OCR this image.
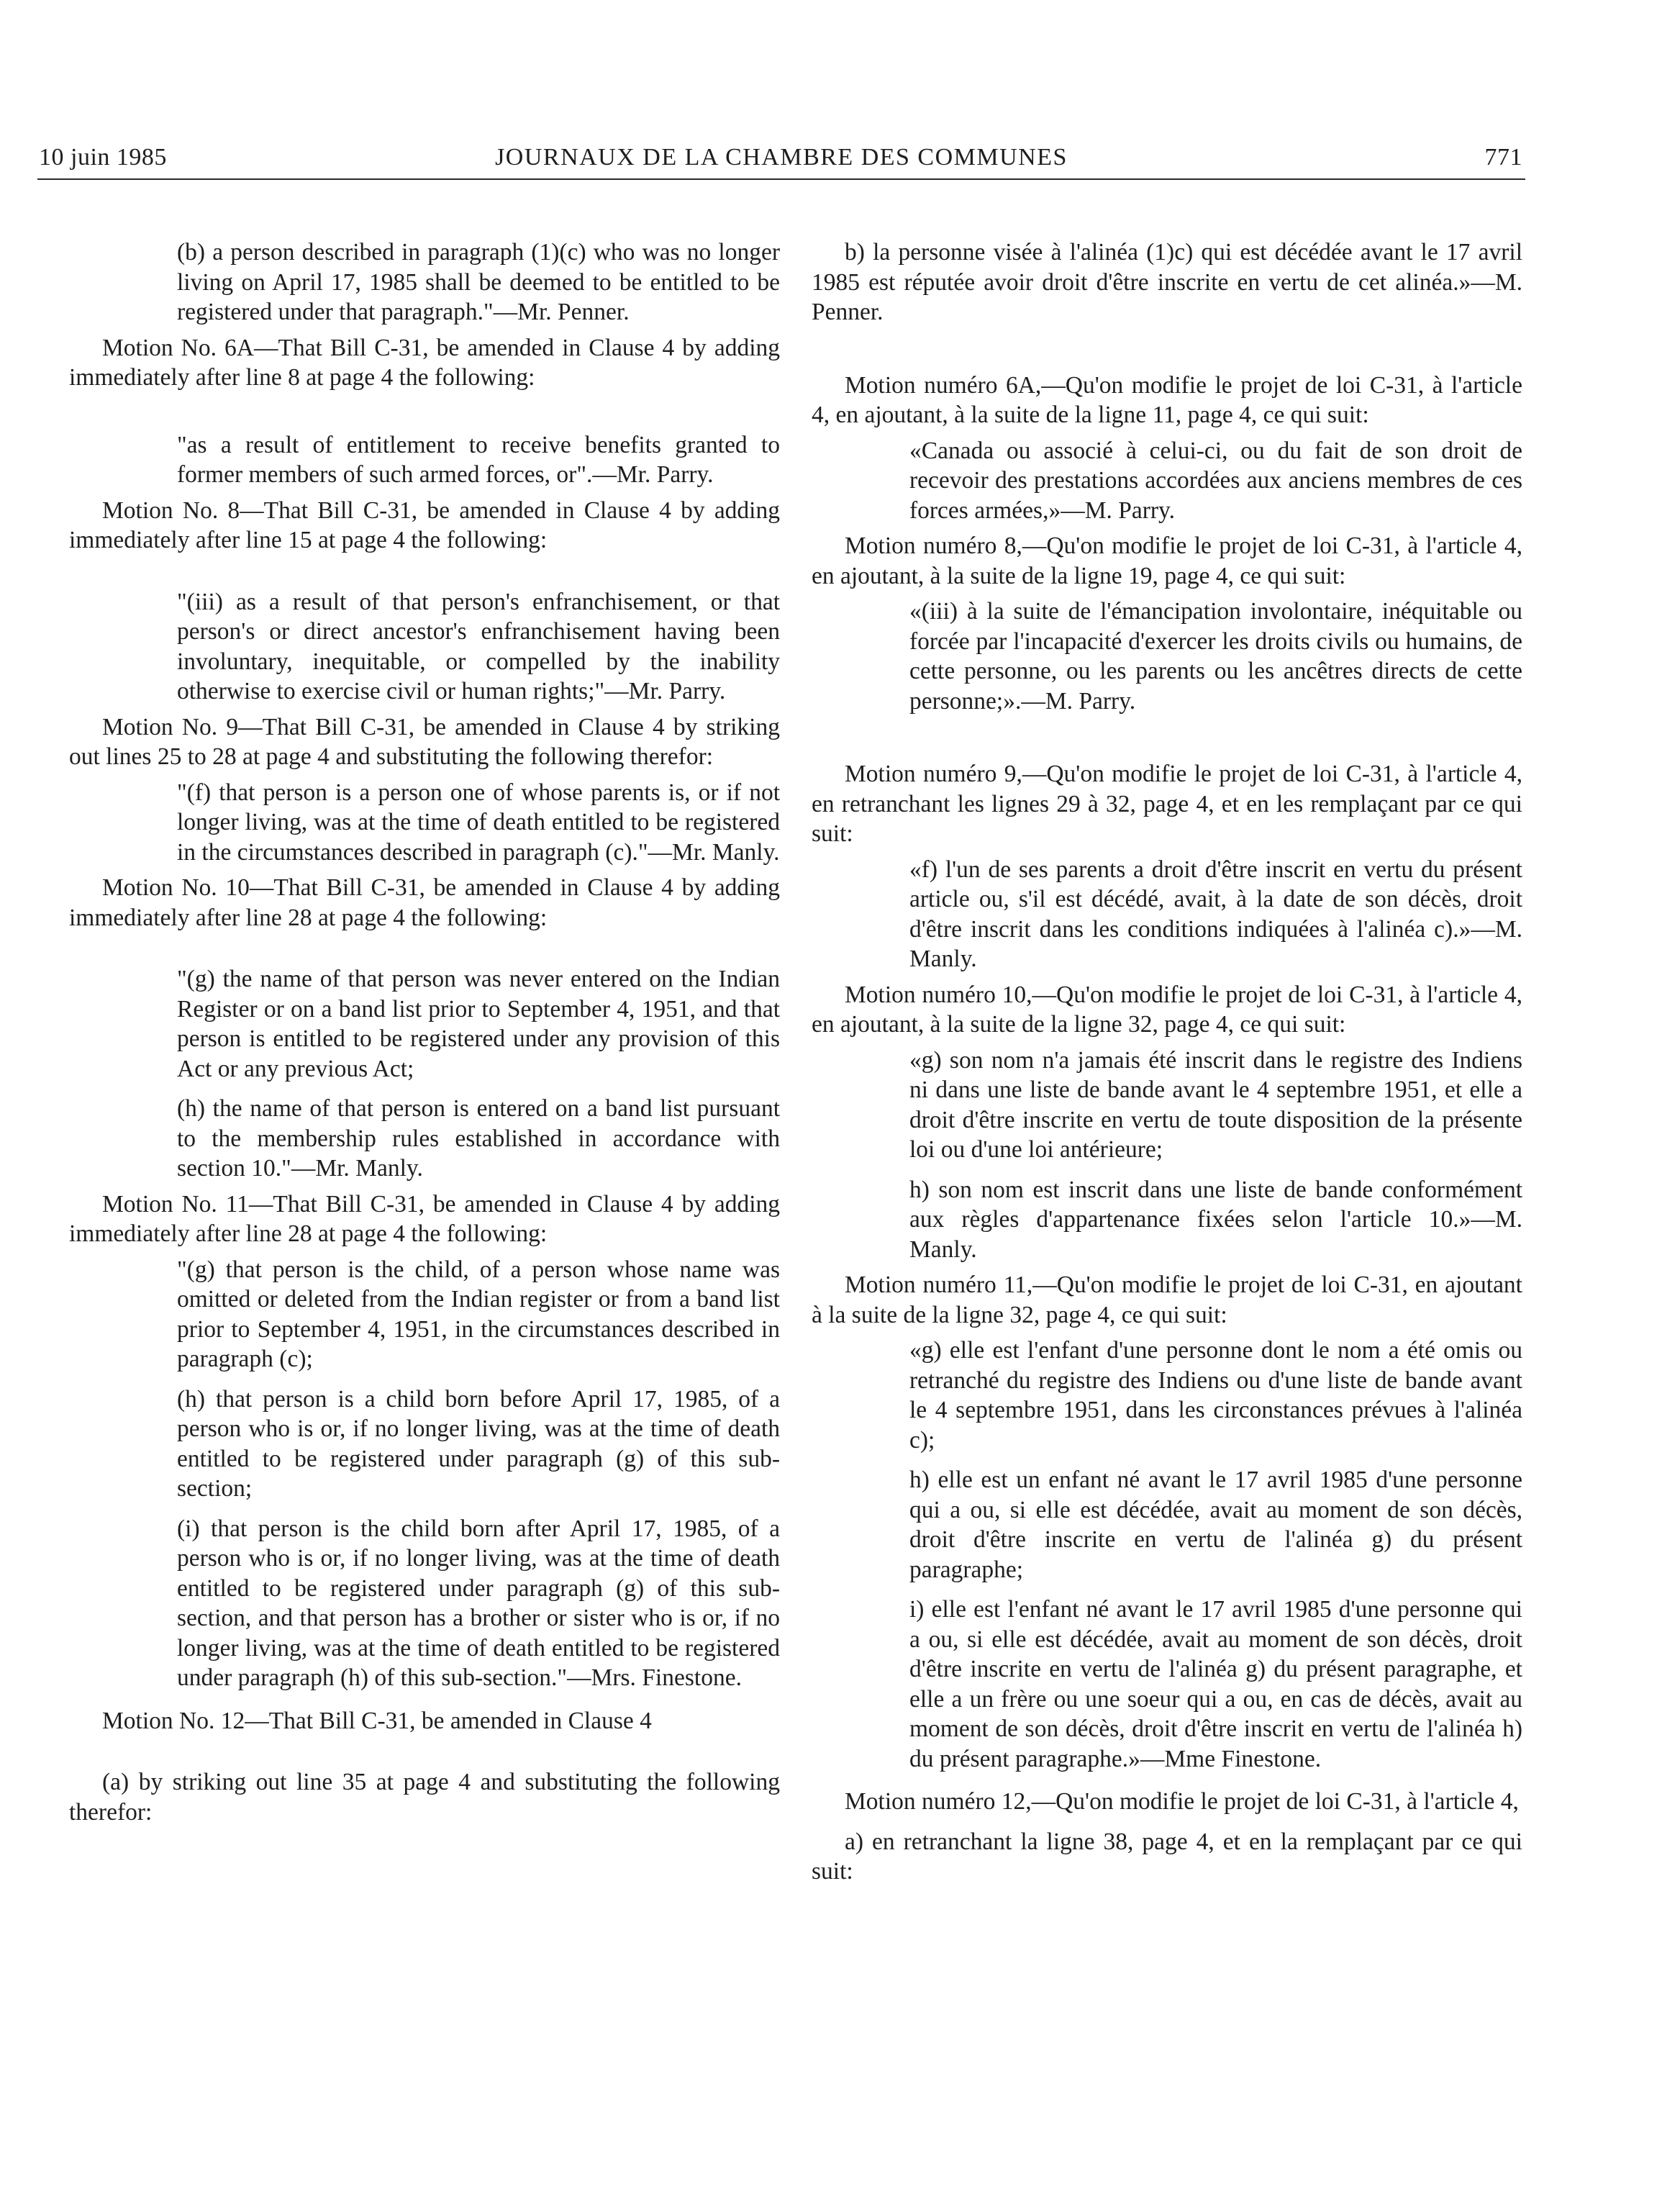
10 juin 1985	JOURNAUX DE LA CHAMBRE DES COMMUNES	771

(b) a person described in paragraph (1)(c) who was no longer living on April 17, 1985 shall be deemed to be entitled to be registered under that paragraph."—Mr. Penner.

Motion No. 6A—That Bill C-31, be amended in Clause 4 by adding immediately after line 8 at page 4 the following:

"as a result of entitlement to receive benefits granted to former members of such armed forces, or".—Mr. Parry.

Motion No. 8—That Bill C-31, be amended in Clause 4 by adding immediately after line 15 at page 4 the following:

"(iii) as a result of that person's enfranchisement, or that person's or direct ancestor's enfranchisement having been involuntary, inequitable, or compelled by the inability otherwise to exercise civil or human rights;"—Mr. Parry.

Motion No. 9—That Bill C-31, be amended in Clause 4 by striking out lines 25 to 28 at page 4 and substituting the following therefor:

"(f) that person is a person one of whose parents is, or if not longer living, was at the time of death entitled to be registered in the circumstances described in paragraph (c)."—Mr. Manly.

Motion No. 10—That Bill C-31, be amended in Clause 4 by adding immediately after line 28 at page 4 the following:

"(g) the name of that person was never entered on the Indian Register or on a band list prior to September 4, 1951, and that person is entitled to be registered under any provision of this Act or any previous Act;

(h) the name of that person is entered on a band list pursuant to the membership rules established in accordance with section 10."—Mr. Manly.

Motion No. 11—That Bill C-31, be amended in Clause 4 by adding immediately after line 28 at page 4 the following:

"(g) that person is the child, of a person whose name was omitted or deleted from the Indian register or from a band list prior to September 4, 1951, in the circumstances described in paragraph (c);

(h) that person is a child born before April 17, 1985, of a person who is or, if no longer living, was at the time of death entitled to be registered under paragraph (g) of this sub-section;

(i) that person is the child born after April 17, 1985, of a person who is or, if no longer living, was at the time of death entitled to be registered under paragraph (g) of this sub-section, and that person has a brother or sister who is or, if no longer living, was at the time of death entitled to be registered under paragraph (h) of this sub-section."—Mrs. Finestone.

Motion No. 12—That Bill C-31, be amended in Clause 4

(a) by striking out line 35 at page 4 and substituting the following therefor:

b) la personne visée à l'alinéa (1)c) qui est décédée avant le 17 avril 1985 est réputée avoir droit d'être inscrite en vertu de cet alinéa.»—M. Penner.

Motion numéro 6A,—Qu'on modifie le projet de loi C-31, à l'article 4, en ajoutant, à la suite de la ligne 11, page 4, ce qui suit:

«Canada ou associé à celui-ci, ou du fait de son droit de recevoir des prestations accordées aux anciens membres de ces forces armées,»—M. Parry.

Motion numéro 8,—Qu'on modifie le projet de loi C-31, à l'article 4, en ajoutant, à la suite de la ligne 19, page 4, ce qui suit:

«(iii) à la suite de l'émancipation involontaire, inéquitable ou forcée par l'incapacité d'exercer les droits civils ou humains, de cette personne, ou les parents ou les ancêtres directs de cette personne;».—M. Parry.

Motion numéro 9,—Qu'on modifie le projet de loi C-31, à l'article 4, en retranchant les lignes 29 à 32, page 4, et en les remplaçant par ce qui suit:

«f) l'un de ses parents a droit d'être inscrit en vertu du présent article ou, s'il est décédé, avait, à la date de son décès, droit d'être inscrit dans les conditions indiquées à l'alinéa c).»—M. Manly.

Motion numéro 10,—Qu'on modifie le projet de loi C-31, à l'article 4, en ajoutant, à la suite de la ligne 32, page 4, ce qui suit:

«g) son nom n'a jamais été inscrit dans le registre des Indiens ni dans une liste de bande avant le 4 septembre 1951, et elle a droit d'être inscrite en vertu de toute disposition de la présente loi ou d'une loi antérieure;

h) son nom est inscrit dans une liste de bande conformément aux règles d'appartenance fixées selon l'article 10.»—M. Manly.

Motion numéro 11,—Qu'on modifie le projet de loi C-31, en ajoutant à la suite de la ligne 32, page 4, ce qui suit:

«g) elle est l'enfant d'une personne dont le nom a été omis ou retranché du registre des Indiens ou d'une liste de bande avant le 4 septembre 1951, dans les circonstances prévues à l'alinéa c);

h) elle est un enfant né avant le 17 avril 1985 d'une personne qui a ou, si elle est décédée, avait au moment de son décès, droit d'être inscrite en vertu de l'alinéa g) du présent paragraphe;

i) elle est l'enfant né avant le 17 avril 1985 d'une personne qui a ou, si elle est décédée, avait au moment de son décès, droit d'être inscrite en vertu de l'alinéa g) du présent paragraphe, et elle a un frère ou une soeur qui a ou, en cas de décès, avait au moment de son décès, droit d'être inscrit en vertu de l'alinéa h) du présent paragraphe.»—Mme Finestone.

Motion numéro 12,—Qu'on modifie le projet de loi C-31, à l'article 4,

a) en retranchant la ligne 38, page 4, et en la remplaçant par ce qui suit:
